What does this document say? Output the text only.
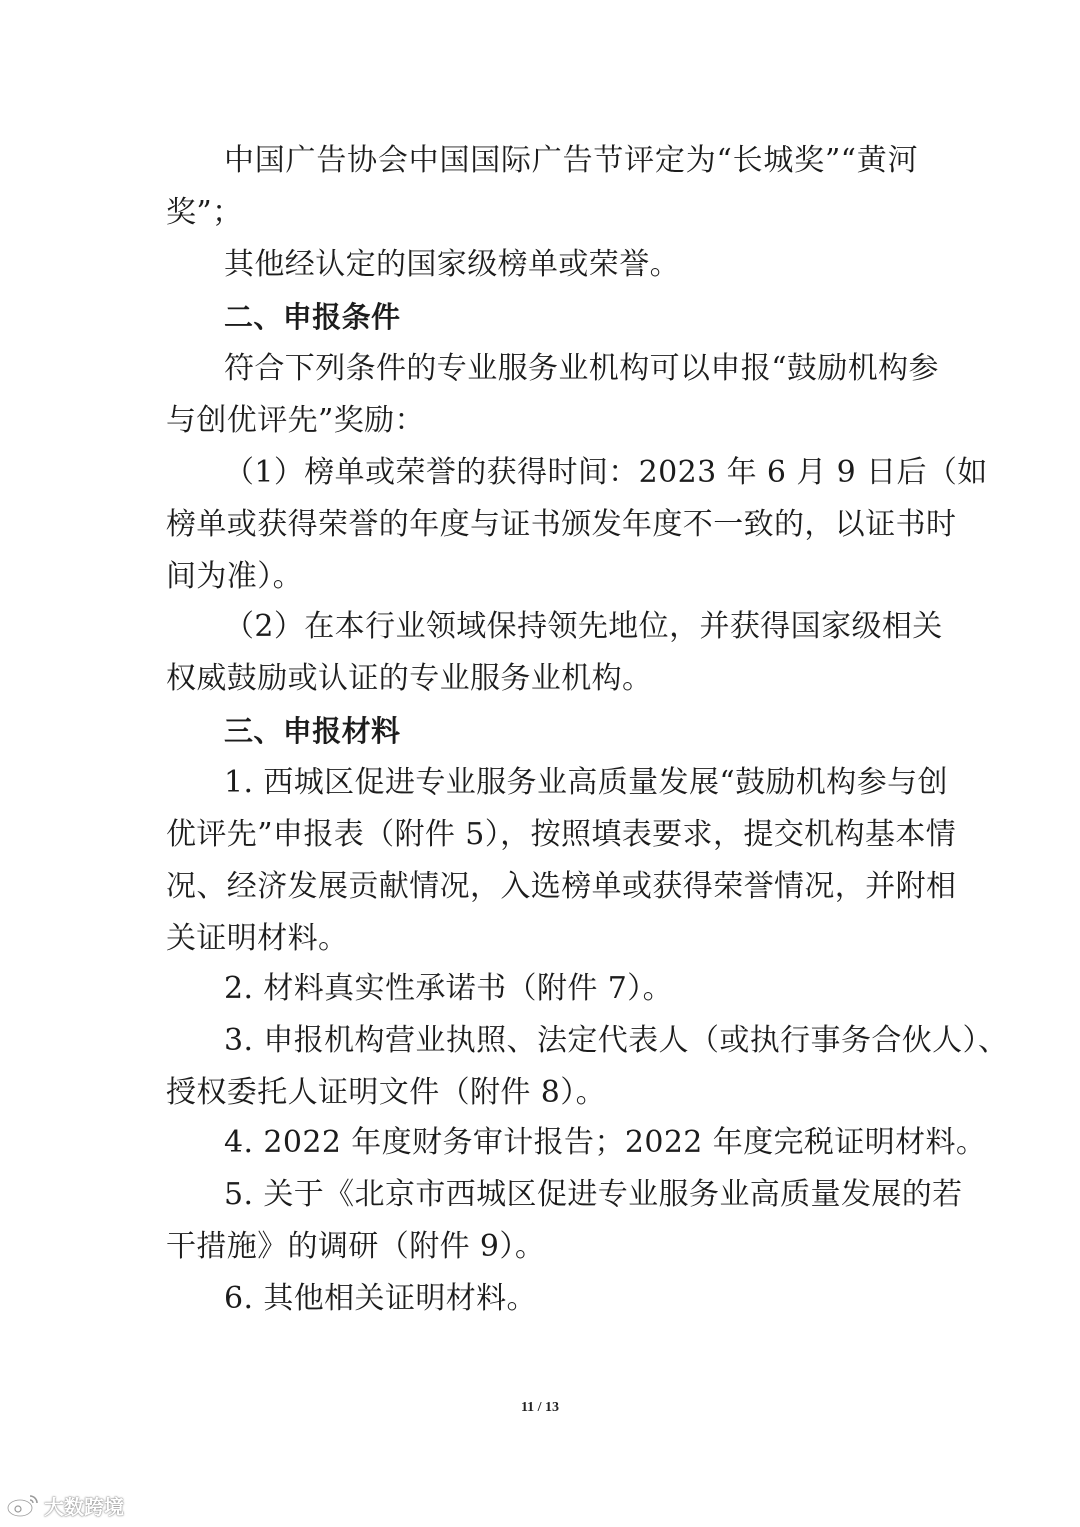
中国广告协会中国国际广告节评定为“长城奖”“黄河
奖”；
其他经认定的国家级榜单或荣誉。
二、申报条件
符合下列条件的专业服务业机构可以申报“鼓励机构参
与创优评先”奖励：
（1）榜单或荣誉的获得时间：2023 年 6 月 9 日后（如
榜单或获得荣誉的年度与证书颁发年度不一致的，以证书时
间为准）。
（2）在本行业领域保持领先地位，并获得国家级相关
权威鼓励或认证的专业服务业机构。
三、申报材料
1. 西城区促进专业服务业高质量发展“鼓励机构参与创
优评先”申报表（附件 5），按照填表要求，提交机构基本情
况、经济发展贡献情况，入选榜单或获得荣誉情况，并附相
关证明材料。
2. 材料真实性承诺书（附件 7）。
3. 申报机构营业执照、法定代表人（或执行事务合伙人）、
授权委托人证明文件（附件 8）。
4. 2022 年度财务审计报告；2022 年度完税证明材料。
5. 关于《北京市西城区促进专业服务业高质量发展的若
干措施》的调研（附件 9）。
6. 其他相关证明材料。
11 / 13
大数跨境
